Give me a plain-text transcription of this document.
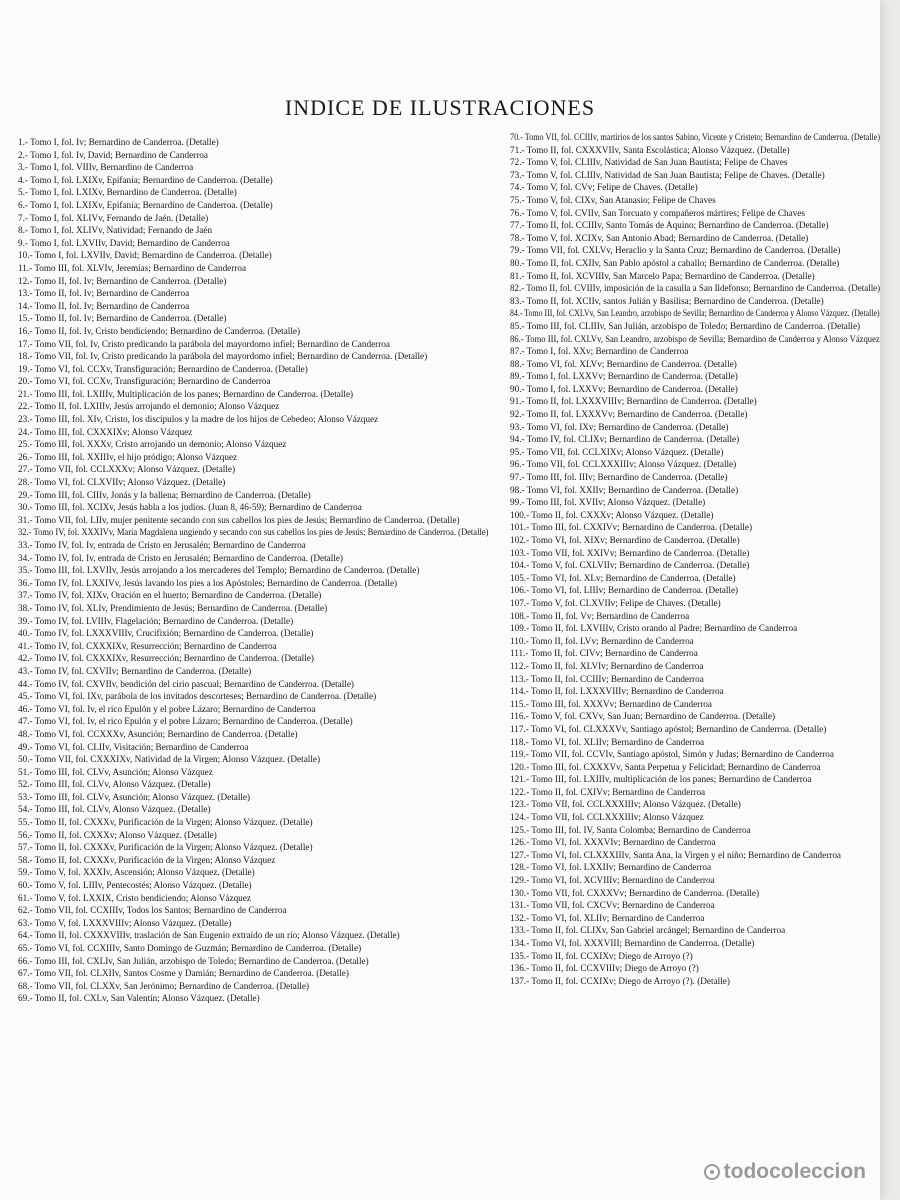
INDICE DE ILUSTRACIONES
1.- Tomo I, fol. Iv; Bernardino de Canderroa. (Detalle)
2.- Tomo I, fol. Iv, David; Bernardino de Canderroa
3.- Tomo I, fol. VIIIv, Bernardino de Canderroa
4.- Tomo I, fol. LXIXv, Epifanía; Bernardino de Canderroa. (Detalle)
5.- Tomo I, fol. LXIXv, Bernardino de Canderroa. (Detalle)
6.- Tomo I, fol. LXIXv, Epifanía; Bernardino de Canderroa. (Detalle)
7.- Tomo I, fol. XLIVv, Fernando de Jaén. (Detalle)
8.- Tomo I, fol. XLIVv, Natividad; Fernando de Jaén
9.- Tomo I, fol. LXVIIv, David; Bernardino de Canderroa
10.- Tomo I, fol. LXVIIv, David; Bernardino de Canderroa. (Detalle)
11.- Tomo III, fol. XLVIv, Jeremías; Bernardino de Canderroa
12.- Tomo II, fol. Iv; Bernardino de Canderroa. (Detalle)
13.- Tomo II, fol. Iv; Bernardino de Canderroa
14.- Tomo II, fol. Iv; Bernardino de Canderroa
15.- Tomo II, fol. Iv; Bernardino de Canderroa. (Detalle)
16.- Tomo II, fol. Iv, Cristo bendiciendo; Bernardino de Canderroa. (Detalle)
17.- Tomo VII, fol. Iv, Cristo predicando la parábola del mayordomo infiel; Bernardino de Canderroa
18.- Tomo VII, fol. Iv, Cristo predicando la parábola del mayordomo infiel; Bernardino de Canderroa. (Detalle)
19.- Tomo VI, fol. CCXv, Transfiguración; Bernardino de Canderroa. (Detalle)
20.- Tomo VI, fol. CCXv, Transfiguración; Bernardino de Canderroa
21.- Tomo III, fol. LXIIIv, Multiplicación de los panes; Bernardino de Canderroa. (Detalle)
22.- Tomo II, fol. LXIIIv, Jesús arrojando el demonio; Alonso Vázquez
23.- Tomo III, fol. XIv, Cristo, los discípulos y la madre de los hijos de Cebedeo; Alonso Vázquez
24.- Tomo III, fol. CXXXIXv; Alonso Vázquez
25.- Tomo III, fol. XXXv, Cristo arrojando un demonio; Alonso Vázquez
26.- Tomo III, fol. XXIIIv, el hijo pródigo; Alonso Vázquez
27.- Tomo VII, fol. CCLXXXv; Alonso Vázquez. (Detalle)
28.- Tomo VI, fol. CLXVIIv; Alonso Vázquez. (Detalle)
29.- Tomo III, fol. CIIIv, Jonás y la ballena; Bernardino de Canderroa. (Detalle)
30.- Tomo III, fol. XCIXv, Jesús habla a los judíos. (Juan 8, 46-59); Bernardino de Canderroa
31.- Tomo VII, fol. LIIv, mujer penitente secando con sus cabellos los pies de Jesús; Bernardino de Canderroa. (Detalle)
32.- Tomo IV, fol. XXXIVv, María Magdalena ungiendo y secando con sus cabellos los pies de Jesús; Bernardino de Canderroa. (Detalle)
33.- Tomo IV, fol. Iv, entrada de Cristo en Jerusalén; Bernardino de Canderroa
34.- Tomo IV, fol. Iv, entrada de Cristo en Jerusalén; Bernardino de Canderroa. (Detalle)
35.- Tomo III, fol. LXVIIv, Jesús arrojando a los mercaderes del Templo; Bernardino de Canderroa. (Detalle)
36.- Tomo IV, fol. LXXIVv, Jesús lavando los pies a los Apóstoles; Bernardino de Canderroa. (Detalle)
37.- Tomo IV, fol. XIXv, Oración en el huerto; Bernardino de Canderroa. (Detalle)
38.- Tomo IV, fol. XLIv, Prendimiento de Jesús; Bernardino de Canderroa. (Detalle)
39.- Tomo IV, fol. LVIIIv, Flagelación; Bernardino de Canderroa. (Detalle)
40.- Tomo IV, fol. LXXXVIIIv, Crucifixión; Bernardino de Canderroa. (Detalle)
41.- Tomo IV, fol. CXXXIXv, Resurrección; Bernardino de Canderroa
42.- Tomo IV, fol. CXXXIXv, Resurrección; Bernardino de Canderroa. (Detalle)
43.- Tomo IV, fol. CXVIIv; Bernardino de Canderroa. (Detalle)
44.- Tomo IV, fol. CXVIIv, bendición del cirio pascual; Bernardino de Canderroa. (Detalle)
45.- Tomo VI, fol. IXv, parábola de los invitados descorteses; Bernardino de Canderroa. (Detalle)
46.- Tomo VI, fol. Iv, el rico Epulón y el pobre Lázaro; Bernardino de Canderroa
47.- Tomo VI, fol. Iv, el rico Epulón y el pobre Lázaro; Bernardino de Canderroa. (Detalle)
48.- Tomo VI, fol. CCXXXv, Asunción; Bernardino de Canderroa. (Detalle)
49.- Tomo VI, fol. CLIIv, Visitación; Bernardino de Canderroa
50.- Tomo VII, fol. CXXXIXv, Natividad de la Virgen; Alonso Vázquez. (Detalle)
51.- Tomo III, fol. CLVv, Asunción; Alonso Vázquez
52.- Tomo III, fol. CLVv, Alonso Vázquez. (Detalle)
53.- Tomo III, fol. CLVv, Asunción; Alonso Vázquez. (Detalle)
54.- Tomo III, fol. CLVv, Alonso Vázquez. (Detalle)
55.- Tomo II, fol. CXXXv, Purificación de la Virgen; Alonso Vázquez. (Detalle)
56.- Tomo II, fol. CXXXv; Alonso Vázquez. (Detalle)
57.- Tomo II, fol. CXXXv, Purificación de la Virgen; Alonso Vázquez. (Detalle)
58.- Tomo II, fol. CXXXv, Purificación de la Virgen; Alonso Vázquez
59.- Tomo V, fol. XXXIv, Ascensión; Alonso Vázquez. (Detalle)
60.- Tomo V, fol. LIIIv, Pentecostés; Alonso Vázquez. (Detalle)
61.- Tomo V, fol. LXXIX, Cristo bendiciendo; Alonso Vázquez
62.- Tomo VII, fol. CCXIIIv, Todos los Santos; Bernardino de Canderroa
63.- Tomo V, fol. LXXXVIIIv; Alonso Vázquez. (Detalle)
64.- Tomo II, fol. CXXXVIIIv, traslación de San Eugenio extraído de un río; Alonso Vázquez. (Detalle)
65.- Tomo VI, fol. CCXIIIv, Santo Domingo de Guzmán; Bernardino de Canderroa. (Detalle)
66.- Tomo III, fol. CXLIv, San Julián, arzobispo de Toledo; Bernardino de Canderroa. (Detalle)
67.- Tomo VII, fol. CLXIIv, Santos Cosme y Damián; Bernardino de Canderroa. (Detalle)
68.- Tomo VII, fol. CLXXv, San Jerónimo; Bernardino de Canderroa. (Detalle)
69.- Tomo II, fol. CXLv, San Valentín; Alonso Vázquez. (Detalle)
70.- Tomo VII, fol. CCIIIv, martirios de los santos Sabino, Vicente y Cristeto; Bernardino de Canderroa. (Detalle)
71.- Tomo II, fol. CXXXVIIv, Santa Escolástica; Alonso Vázquez. (Detalle)
72.- Tomo V, fol. CLIIIv, Natividad de San Juan Bautista; Felipe de Chaves
73.- Tomo V, fol. CLIIIv, Natividad de San Juan Bautista; Felipe de Chaves. (Detalle)
74.- Tomo V, fol. CVv; Felipe de Chaves. (Detalle)
75.- Tomo V, fol. CIXv, San Atanasio; Felipe de Chaves
76.- Tomo V, fol. CVIIv, San Torcuato y compañeros mártires; Felipe de Chaves
77.- Tomo II, fol. CCIIIv, Santo Tomás de Aquino; Bernardino de Canderroa. (Detalle)
78.- Tomo V, fol. XCIXv, San Antonio Abad; Bernardino de Canderroa. (Detalle)
79.- Tomo VII, fol. CXLVv, Heraclio y la Santa Cruz; Bernardino de Canderroa. (Detalle)
80.- Tomo II, fol. CXIIv, San Pablo apóstol a caballo; Bernardino de Canderroa. (Detalle)
81.- Tomo II, fol. XCVIIIv, San Marcelo Papa; Bernardino de Canderroa. (Detalle)
82.- Tomo II, fol. CVIIIv, imposición de la casulla a San Ildefonso; Bernardino de Canderroa. (Detalle)
83.- Tomo II, fol. XCIIv, santos Julián y Basilisa; Bernardino de Canderroa. (Detalle)
84.- Tomo III, fol. CXLVv, San Leandro, arzobispo de Sevilla; Bernardino de Canderroa y Alonso Vázquez. (Detalle)
85.- Tomo III, fol. CLIIIv, San Julián, arzobispo de Toledo; Bernardino de Canderroa. (Detalle)
86.- Tomo III, fol. CXLVv, San Leandro, arzobispo de Sevilla; Bernardino de Canderroa y Alonso Vázquez
87.- Tomo I, fol. XXv; Bernardino de Canderroa
88.- Tomo VI, fol. XLVv; Bernardino de Canderroa. (Detalle)
89.- Tomo I, fol. LXXVv; Bernardino de Canderroa. (Detalle)
90.- Tomo I, fol. LXXVv; Bernardino de Canderroa. (Detalle)
91.- Tomo II, fol. LXXXVIIIv; Bernardino de Canderroa. (Detalle)
92.- Tomo II, fol. LXXXVv; Bernardino de Canderroa. (Detalle)
93.- Tomo VI, fol. IXv; Bernardino de Canderroa. (Detalle)
94.- Tomo IV, fol. CLIXv; Bernardino de Canderroa. (Detalle)
95.- Tomo VII, fol. CCLXIXv; Alonso Vázquez. (Detalle)
96.- Tomo VII, fol. CCLXXXIIIv; Alonso Vázquez. (Detalle)
97.- Tomo III, fol. IIIv; Bernardino de Canderroa. (Detalle)
98.- Tomo VI, fol. XXIIv; Bernardino de Canderroa. (Detalle)
99.- Tomo III, fol. XVIIv; Alonso Vázquez. (Detalle)
100.- Tomo II, fol. CXXXv; Alonso Vázquez. (Detalle)
101.- Tomo III, fol. CXXIVv; Bernardino de Canderroa. (Detalle)
102.- Tomo VI, fol. XIXv; Bernardino de Canderroa. (Detalle)
103.- Tomo VII, fol. XXIVv; Bernardino de Canderroa. (Detalle)
104.- Tomo V, fol. CXLVIIv; Bernardino de Canderroa. (Detalle)
105.- Tomo VI, fol. XLv; Bernardino de Canderroa. (Detalle)
106.- Tomo VI, fol. LIIIv; Bernardino de Canderroa. (Detalle)
107.- Tomo V, fol. CLXVIIv; Felipe de Chaves. (Detalle)
108.- Tomo II, fol. Vv; Bernardino de Canderroa
109.- Tomo II, fol. LXVIIIv, Cristo orando al Padre; Bernardino de Canderroa
110.- Tomo II, fol. LVv; Bernardino de Canderroa
111.- Tomo II, fol. CIVv; Bernardino de Canderroa
112.- Tomo II, fol. XLVIv; Bernardino de Canderroa
113.- Tomo II, fol. CCIIIv; Bernardino de Canderroa
114.- Tomo II, fol. LXXXVIIIv; Bernardino de Canderroa
115.- Tomo III, fol. XXXVv; Bernardino de Canderroa
116.- Tomo V, fol. CXVv, San Juan; Bernardino de Canderroa. (Detalle)
117.- Tomo VI, fol. CLXXXVv, Santiago apóstol; Bernardino de Canderroa. (Detalle)
118.- Tomo VI, fol. XLIIv; Bernardino de Canderroa
119.- Tomo VII, fol. CCVIv, Santiago apóstol, Simón y Judas; Bernardino de Canderroa
120.- Tomo III, fol. CXXXVv, Santa Perpetua y Felicidad; Bernardino de Canderroa
121.- Tomo III, fol. LXIIIv, multiplicación de los panes; Bernardino de Canderroa
122.- Tomo II, fol. CXIVv; Bernardino de Canderroa
123.- Tomo VII, fol. CCLXXXIIIv; Alonso Vázquez. (Detalle)
124.- Tomo VII, fol. CCLXXXIIIv; Alonso Vázquez
125.- Tomo III, fol. IV, Santa Colomba; Bernardino de Canderroa
126.- Tomo VI, fol. XXXVIv; Bernardino de Canderroa
127.- Tomo VI, fol. CLXXXIIIv, Santa Ana, la Virgen y el niño; Bernardino de Canderroa
128.- Tomo VI, fol. LXXIIv; Bernardino de Canderroa
129.- Tomo VI, fol. XCVIIIv; Bernardino de Canderroa
130.- Tomo VII, fol. CXXXVv; Bernardino de Canderroa. (Detalle)
131.- Tomo VII, fol. CXCVv; Bernardino de Canderroa
132.- Tomo VI, fol. XLIIv; Bernardino de Canderroa
133.- Tomo II, fol. CLIXv, San Gabriel arcángel; Bernardino de Canderroa
134.- Tomo VI, fol. XXXVIII; Bernardino de Canderroa. (Detalle)
135.- Tomo II, fol. CCXIXv; Diego de Arroyo (?)
136.- Tomo II, fol. CCXVIIIv; Diego de Arroyo (?)
137.- Tomo II, fol. CCXIXv; Diego de Arroyo (?). (Detalle)
todocoleccion
